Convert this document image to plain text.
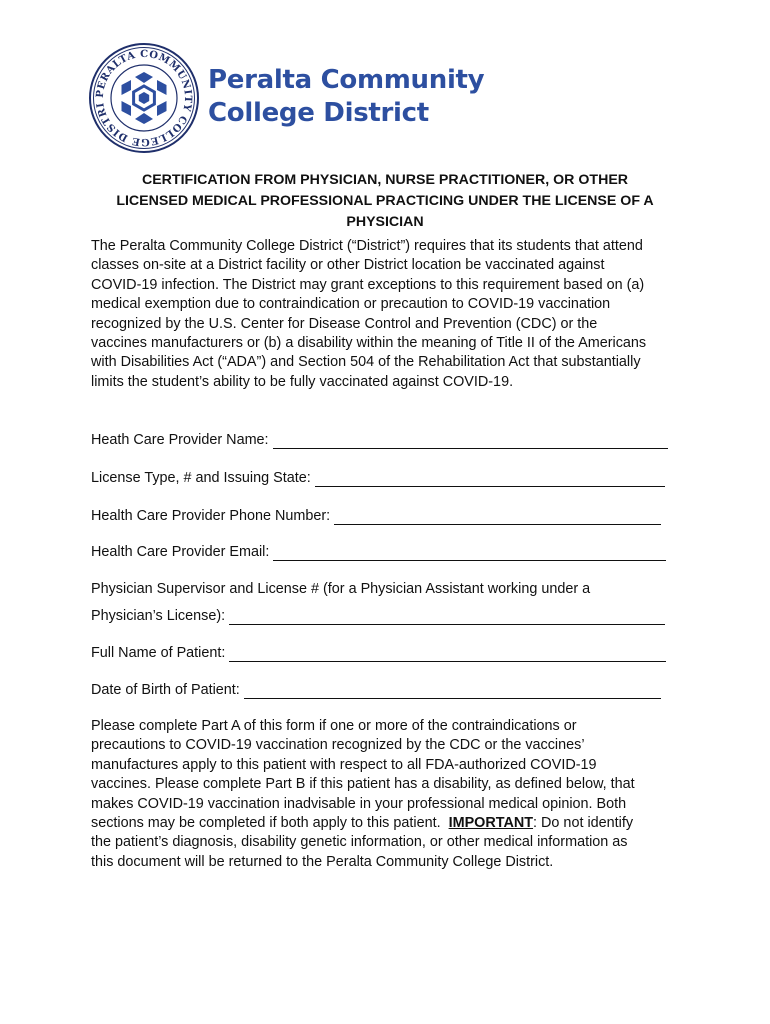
PERALTA COMMUNITY COLLEGE DISTRI
Peralta Community
College District
CERTIFICATION FROM PHYSICIAN, NURSE PRACTITIONER, OR OTHER
LICENSED MEDICAL PROFESSIONAL PRACTICING UNDER THE LICENSE OF A
PHYSICIAN
The Peralta Community College District (“District”) requires that its students that attend
classes on-site at a District facility or other District location be vaccinated against
COVID-19 infection. The District may grant exceptions to this requirement based on (a)
medical exemption due to contraindication or precaution to COVID-19 vaccination
recognized by the U.S. Center for Disease Control and Prevention (CDC) or the
vaccines manufacturers or (b) a disability within the meaning of Title II of the Americans
with Disabilities Act (“ADA”) and Section 504 of the Rehabilitation Act that substantially
limits the student’s ability to be fully vaccinated against COVID-19.
Heath Care Provider Name:
License Type, # and Issuing State:
Health Care Provider Phone Number:
Health Care Provider Email:
Physician Supervisor and License # (for a Physician Assistant working under a
Physician’s License):
Full Name of Patient:
Date of Birth of Patient:
Please complete Part A of this form if one or more of the contraindications or
precautions to COVID-19 vaccination recognized by the CDC or the vaccines’
manufactures apply to this patient with respect to all FDA-authorized COVID-19
vaccines. Please complete Part B if this patient has a disability, as defined below, that
makes COVID-19 vaccination inadvisable in your professional medical opinion. Both
sections may be completed if both apply to this patient.  IMPORTANT: Do not identify
the patient’s diagnosis, disability genetic information, or other medical information as
this document will be returned to the Peralta Community College District.
